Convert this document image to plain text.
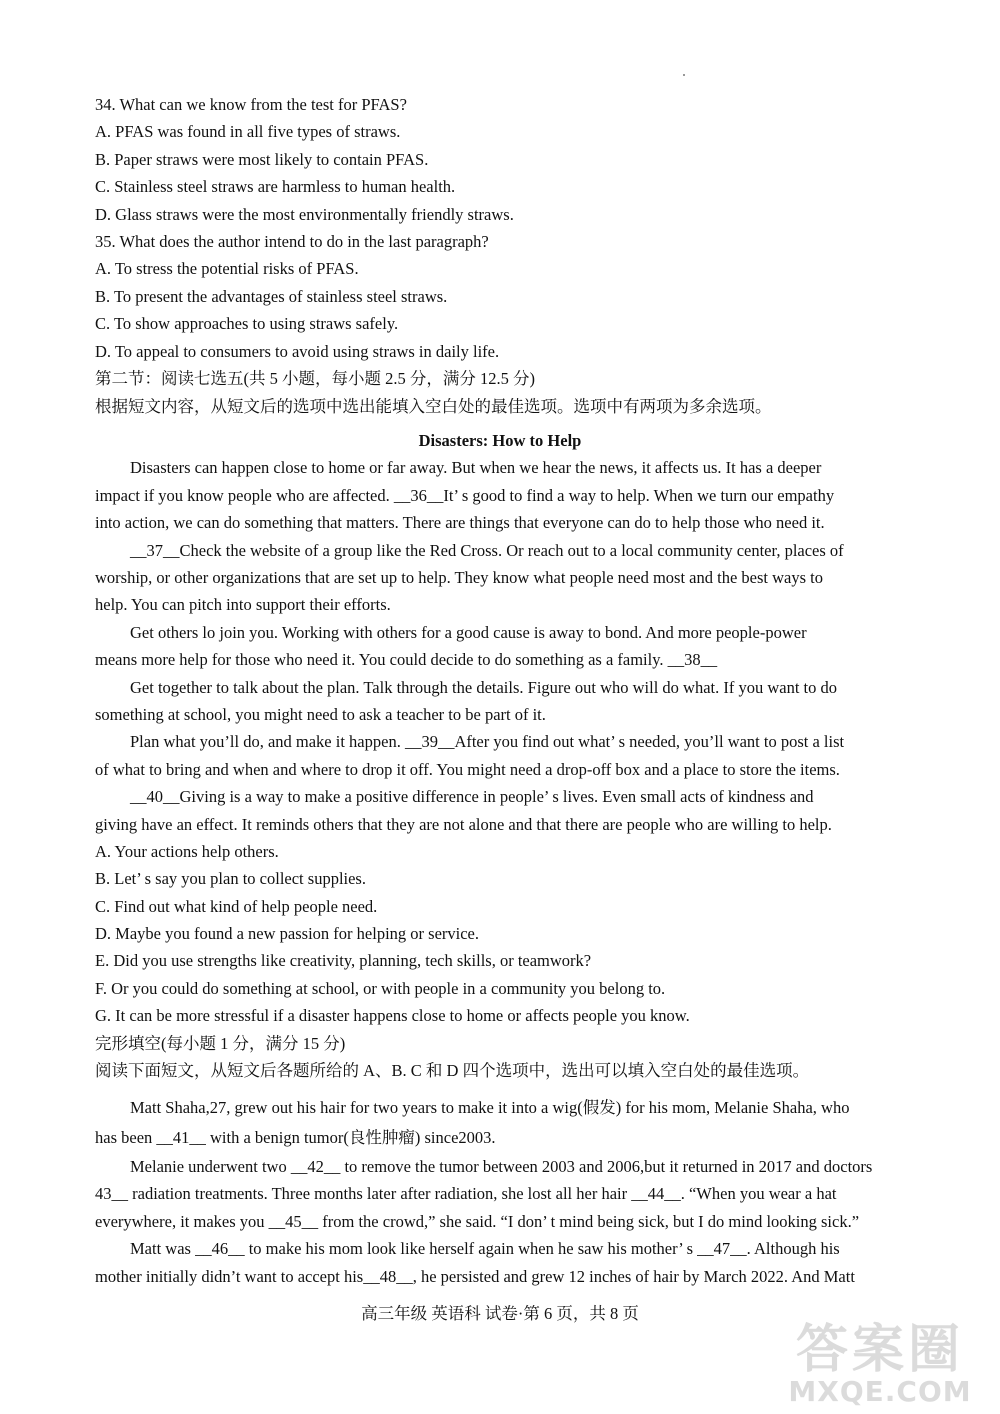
34. What can we know from the test for PFAS?
A. PFAS was found in all five types of straws.
B. Paper straws were most likely to contain PFAS.
C. Stainless steel straws are harmless to human health.
D. Glass straws were the most environmentally friendly straws.
35. What does the author intend to do in the last paragraph?
A. To stress the potential risks of PFAS.
B. To present the advantages of stainless steel straws.
C. To show approaches to using straws safely.
D. To appeal to consumers to avoid using straws in daily life.
第二节：阅读七选五(共 5 小题，每小题 2.5 分，满分 12.5 分)
根据短文内容，从短文后的选项中选出能填入空白处的最佳选项。选项中有两项为多余选项。
Disasters: How to Help
Disasters can happen close to home or far away. But when we hear the news, it affects us. It has a deeper
impact if you know people who are affected. __36__It’ s good to find a way to help. When we turn our empathy
into action, we can do something that matters. There are things that everyone can do to help those who need it.
__37__Check the website of a group like the Red Cross. Or reach out to a local community center, places of
worship, or other organizations that are set up to help. They know what people need most and the best ways to
help. You can pitch into support their efforts.
Get others lo join you. Working with others for a good cause is away to bond. And more people-power
means more help for those who need it. You could decide to do something as a family. __38__
Get together to talk about the plan. Talk through the details. Figure out who will do what. If you want to do
something at school, you might need to ask a teacher to be part of it.
Plan what you’ll do, and make it happen. __39__After you find out what’ s needed, you’ll want to post a list
of what to bring and when and where to drop it off. You might need a drop-off box and a place to store the items.
__40__Giving is a way to make a positive difference in people’ s lives. Even small acts of kindness and
giving have an effect. It reminds others that they are not alone and that there are people who are willing to help.
A. Your actions help others.
B. Let’ s say you plan to collect supplies.
C. Find out what kind of help people need.
D. Maybe you found a new passion for helping or service.
E. Did you use strengths like creativity, planning, tech skills, or teamwork?
F. Or you could do something at school, or with people in a community you belong to.
G. It can be more stressful if a disaster happens close to home or affects people you know.
完形填空(每小题 1 分，满分 15 分)
阅读下面短文，从短文后各题所给的 A、B. C 和 D 四个选项中，选出可以填入空白处的最佳选项。
Matt Shaha,27, grew out his hair for two years to make it into a wig(假发) for his mom, Melanie Shaha, who
has been __41__ with a benign tumor(良性肿瘤) since2003.
Melanie underwent two __42__ to remove the tumor between 2003 and 2006,but it returned in 2017 and doctors
43__ radiation treatments. Three months later after radiation, she lost all her hair __44__. “When you wear a hat
everywhere, it makes you __45__ from the crowd,” she said. “I don’ t mind being sick, but I do mind looking sick.”
Matt was __46__ to make his mom look like herself again when he saw his mother’ s __47__. Although his
mother initially didn’t want to accept his__48__, he persisted and grew 12 inches of hair by March 2022. And Matt
高三年级 英语科 试卷·第 6 页，共 8 页
答案圈
MXQE.COM
